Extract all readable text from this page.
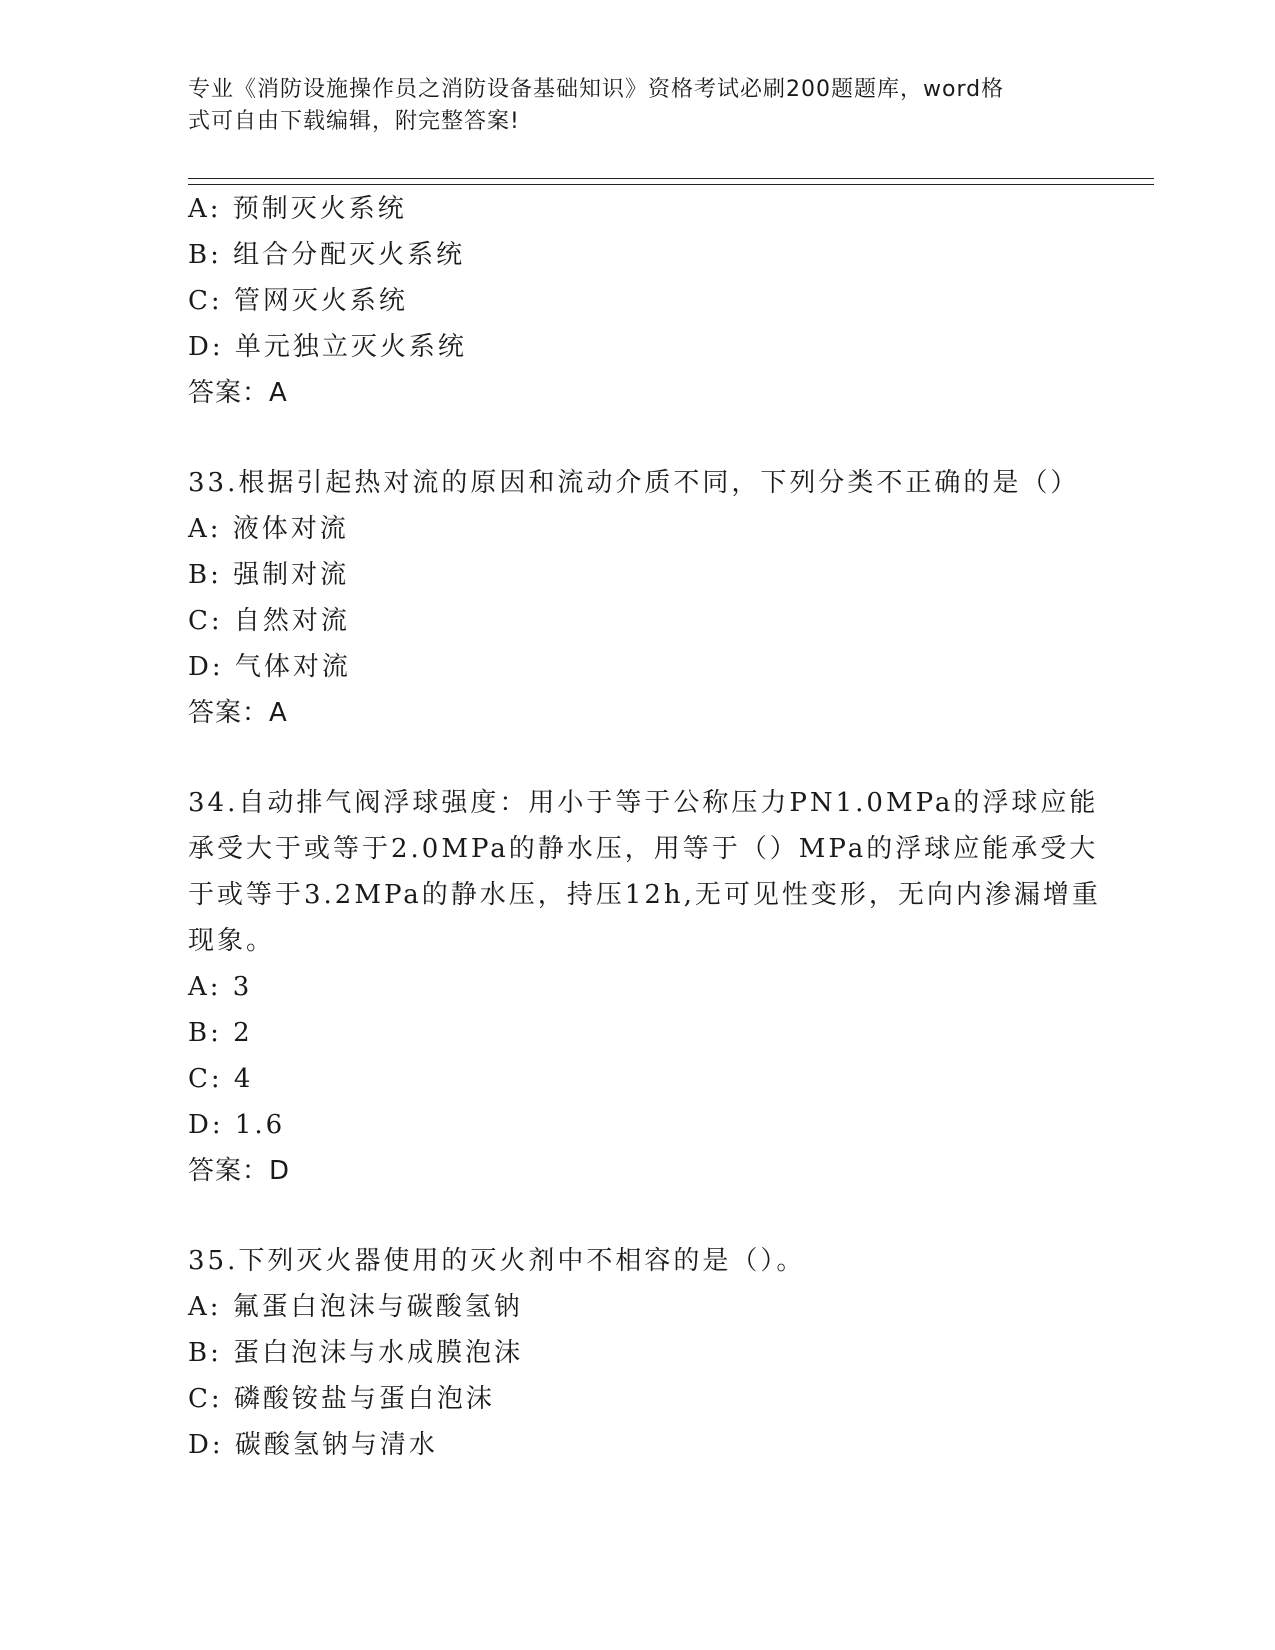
专业《消防设施操作员之消防设备基础知识》资格考试必刷200题题库，word格
式可自由下载编辑，附完整答案!
A: 预制灭火系统
B: 组合分配灭火系统
C: 管网灭火系统
D: 单元独立灭火系统
答案：A
33.根据引起热对流的原因和流动介质不同，下列分类不正确的是（）
A: 液体对流
B: 强制对流
C: 自然对流
D: 气体对流
答案：A
34.自动排气阀浮球强度：用小于等于公称压力PN1.0MPa的浮球应能
承受大于或等于2.0MPa的静水压，用等于（）MPa的浮球应能承受大
于或等于3.2MPa的静水压，持压12h,无可见性变形，无向内渗漏增重
现象。
A: 3
B: 2
C: 4
D: 1.6
答案：D
35.下列灭火器使用的灭火剂中不相容的是（）。
A: 氟蛋白泡沫与碳酸氢钠
B: 蛋白泡沫与水成膜泡沫
C: 磷酸铵盐与蛋白泡沫
D: 碳酸氢钠与清水
